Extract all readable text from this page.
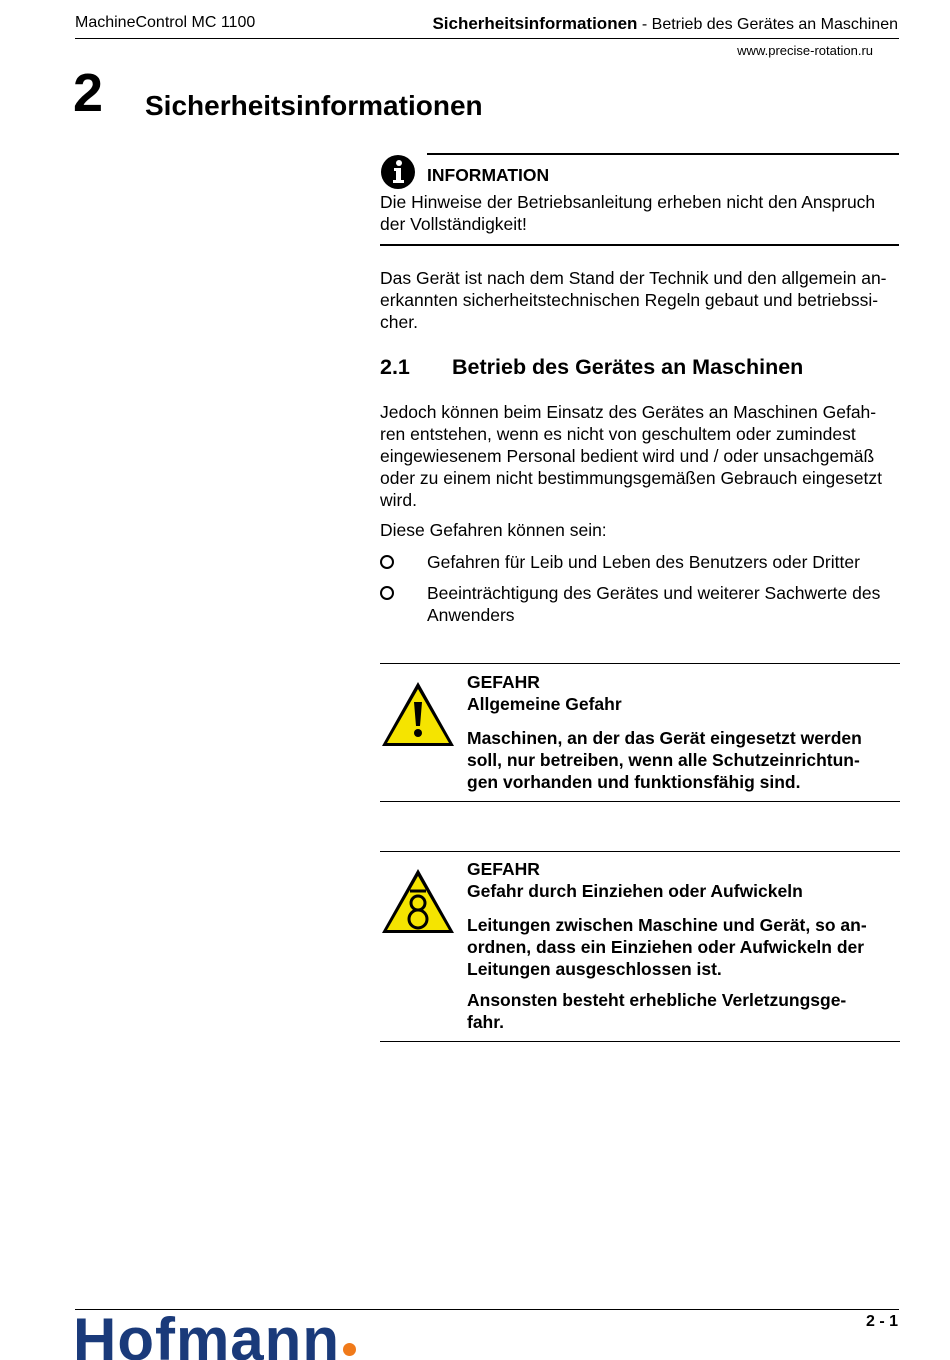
MachineControl MC 1100	Sicherheitsinformationen - Betrieb des Gerätes an Maschinen
www.precise-rotation.ru
2 Sicherheitsinformationen
INFORMATION
Die Hinweise der Betriebsanleitung erheben nicht den Anspruch
der Vollständigkeit!
Das Gerät ist nach dem Stand der Technik und den allgemein an-
erkannten sicherheitstechnischen Regeln gebaut und betriebssi-
cher.
2.1 Betrieb des Gerätes an Maschinen
Jedoch können beim Einsatz des Gerätes an Maschinen Gefah-
ren entstehen, wenn es nicht von geschultem oder zumindest
eingewiesenem Personal bedient wird und / oder unsachgemäß
oder zu einem nicht bestimmungsgemäßen Gebrauch eingesetzt
wird.
Diese Gefahren können sein:
Gefahren für Leib und Leben des Benutzers oder Dritter
Beeinträchtigung des Gerätes und weiterer Sachwerte des
Anwenders
GEFAHR
Allgemeine Gefahr
Maschinen, an der das Gerät eingesetzt werden
soll, nur betreiben, wenn alle Schutzeinrichtun-
gen vorhanden und funktionsfähig sind.
GEFAHR
Gefahr durch Einziehen oder Aufwickeln
Leitungen zwischen Maschine und Gerät, so an-
ordnen, dass ein Einziehen oder Aufwickeln der
Leitungen ausgeschlossen ist.
Ansonsten besteht erhebliche Verletzungsge-
fahr.
2 - 1
Hofmann
